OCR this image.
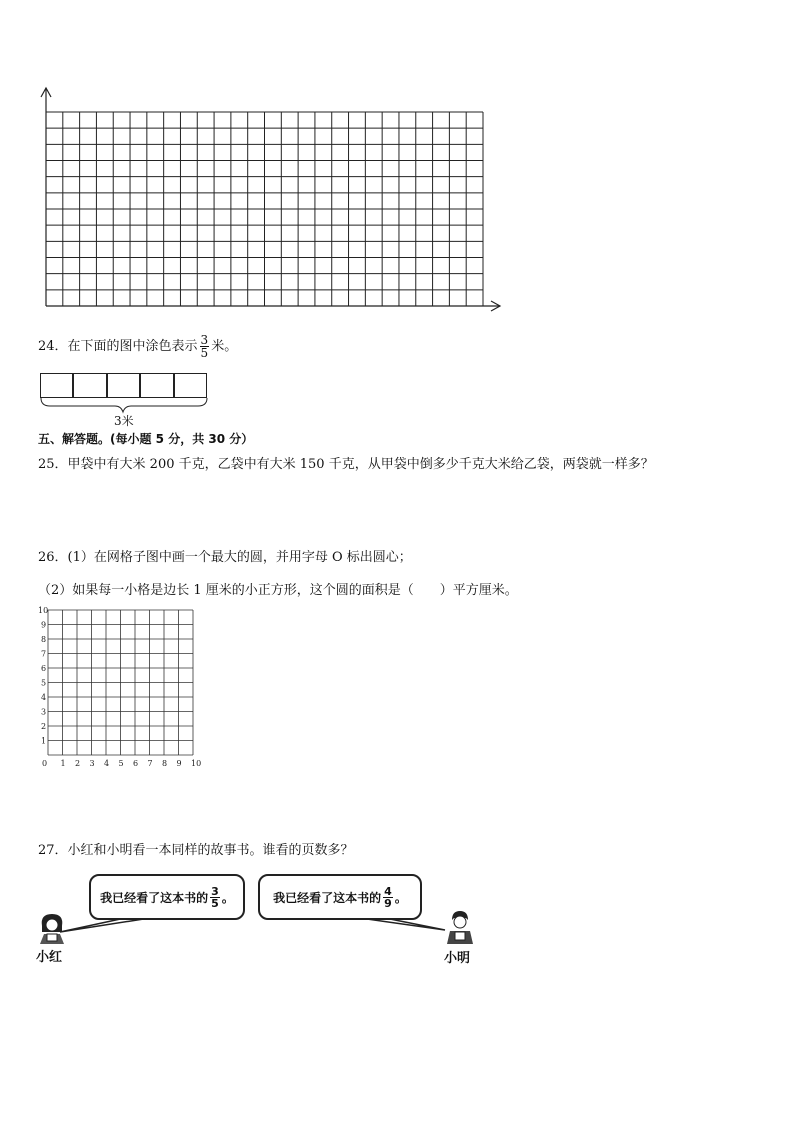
24．在下面的图中涂色表示 $\frac{3}{5}$ 米。
3米
五、解答题。(每小题 5 分，共 30 分）
25．甲袋中有大米 200 千克，乙袋中有大米 150 千克，从甲袋中倒多少千克大米给乙袋，两袋就一样多？
26．(1）在网格子图中画一个最大的圆，并用字母 O 标出圆心；
（2）如果每一小格是边长 1 厘米的小正方形，这个圆的面积是（　　）平方厘米。
0 1
1
2
2
3
3
4
4
5
5
6
6
7
7
8
8
9
9
10
10
27．小红和小明看一本同样的故事书。谁看的页数多？
我已经看了这本书的 $\frac{3}{5}$ 。	我已经看了这本书的 $\frac{4}{9}$ 。
小红	小明
